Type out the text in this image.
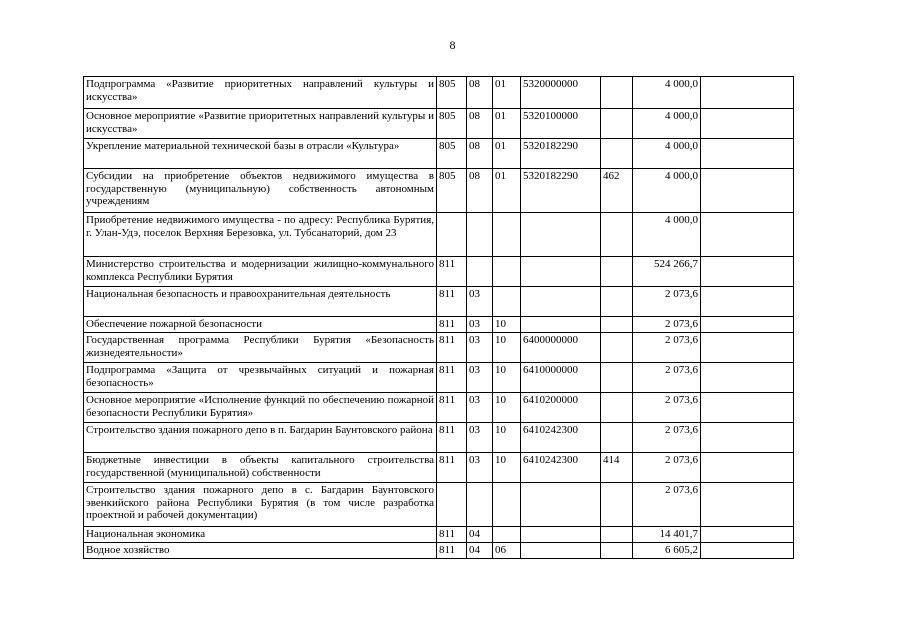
8
Подпрограмма «Развитие приоритетных направлений культуры и искусства»	805	08	01	5320000000		4 000,0	
Основное мероприятие «Развитие приоритетных направлений культуры и искусства»	805	08	01	5320100000		4 000,0	
Укрепление материальной технической базы в отрасли «Культура»	805	08	01	5320182290		4 000,0	
Субсидии на приобретение объектов недвижимого имущества в государственную (муниципальную) собственность автономным учреждениям	805	08	01	5320182290	462	4 000,0	
Приобретение недвижимого имущества - по адресу: Республика Бурятия, г. Улан-Удэ, поселок Верхняя Березовка, ул. Тубсанаторий, дом 23						4 000,0	
Министерство строительства и модернизации жилищно-коммунального комплекса Республики Бурятия	811					524 266,7	
Национальная безопасность и правоохранительная деятельность	811	03				2 073,6	
Обеспечение пожарной безопасности	811	03	10			2 073,6	
Государственная программа Республики Бурятия «Безопасность жизнедеятельности»	811	03	10	6400000000		2 073,6	
Подпрограмма «Защита от чрезвычайных ситуаций и пожарная безопасность»	811	03	10	6410000000		2 073,6	
Основное мероприятие «Исполнение функций по обеспечению пожарной безопасности Республики Бурятия»	811	03	10	6410200000		2 073,6	
Строительство здания пожарного депо в п. Багдарин Баунтовского района	811	03	10	6410242300		2 073,6	
Бюджетные инвестиции в объекты капитального строительства государственной (муниципальной) собственности	811	03	10	6410242300	414	2 073,6	
Строительство здания пожарного депо в с. Багдарин Баунтовского эвенкийского района Республики Бурятия (в том числе разработка проектной и рабочей документации)						2 073,6	
Национальная экономика	811	04				14 401,7	
Водное хозяйство	811	04	06			6 605,2	
